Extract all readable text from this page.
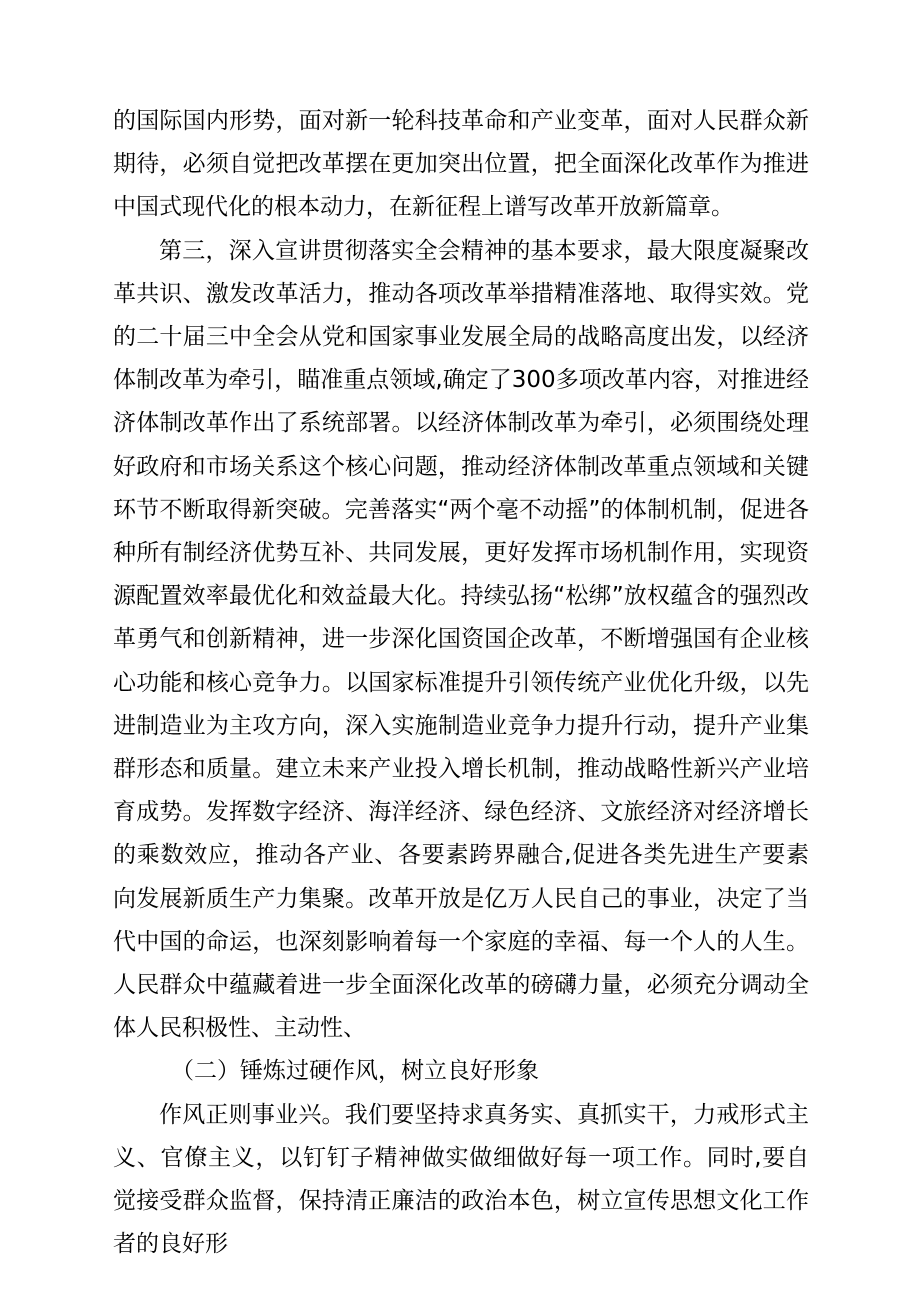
的国际国内形势，面对新一轮科技革命和产业变革，面对人民群众新期待，必须自觉把改革摆在更加突出位置，把全面深化改革作为推进中国式现代化的根本动力，在新征程上谱写改革开放新篇章。

第三，深入宣讲贯彻落实全会精神的基本要求，最大限度凝聚改革共识、激发改革活力，推动各项改革举措精准落地、取得实效。党的二十届三中全会从党和国家事业发展全局的战略高度出发，以经济体制改革为牵引，瞄准重点领域,确定了300多项改革内容，对推进经济体制改革作出了系统部署。以经济体制改革为牵引，必须围绕处理好政府和市场关系这个核心问题，推动经济体制改革重点领域和关键环节不断取得新突破。完善落实“两个毫不动摇”的体制机制，促进各种所有制经济优势互补、共同发展，更好发挥市场机制作用，实现资源配置效率最优化和效益最大化。持续弘扬“松绑”放权蕴含的强烈改革勇气和创新精神，进一步深化国资国企改革，不断增强国有企业核心功能和核心竞争力。以国家标准提升引领传统产业优化升级，以先进制造业为主攻方向，深入实施制造业竞争力提升行动，提升产业集群形态和质量。建立未来产业投入增长机制，推动战略性新兴产业培育成势。发挥数字经济、海洋经济、绿色经济、文旅经济对经济增长的乘数效应，推动各产业、各要素跨界融合,促进各类先进生产要素向发展新质生产力集聚。改革开放是亿万人民自己的事业，决定了当代中国的命运，也深刻影响着每一个家庭的幸福、每一个人的人生。人民群众中蕴藏着进一步全面深化改革的磅礴力量，必须充分调动全体人民积极性、主动性、

（二）锤炼过硬作风，树立良好形象

作风正则事业兴。我们要坚持求真务实、真抓实干，力戒形式主义、官僚主义，以钉钉子精神做实做细做好每一项工作。同时,要自觉接受群众监督，保持清正廉洁的政治本色，树立宣传思想文化工作者的良好形
